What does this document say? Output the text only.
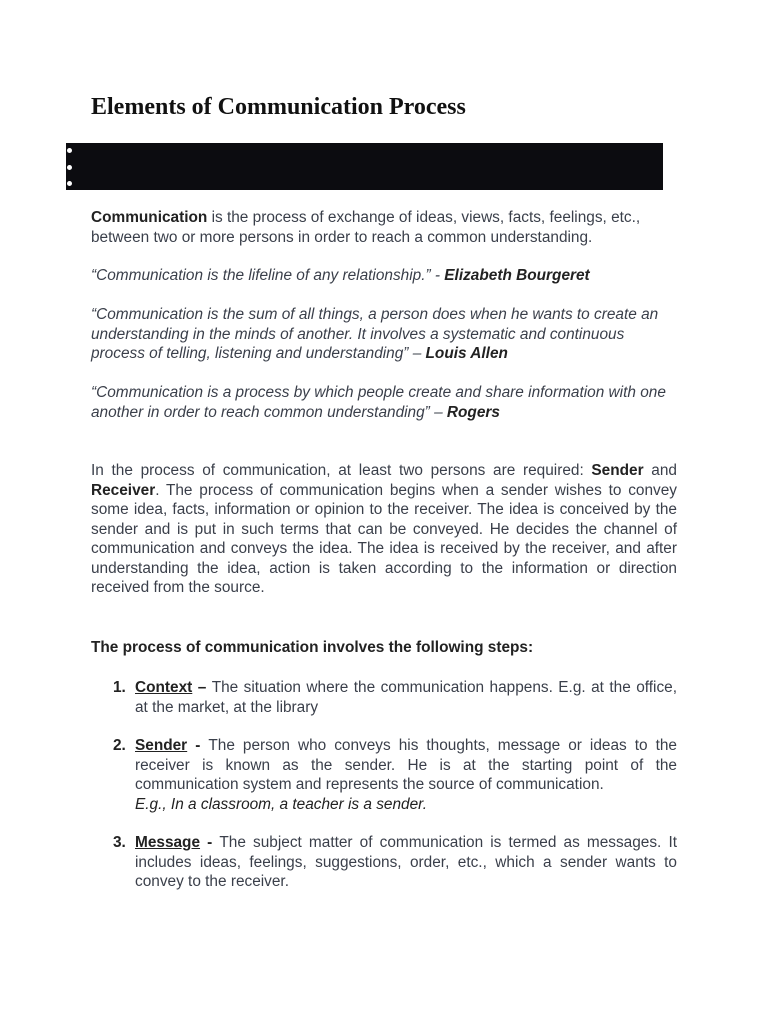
Elements of Communication Process

Communication is the process of exchange of ideas, views, facts, feelings, etc., between two or more persons in order to reach a common understanding.

“Communication is the lifeline of any relationship.” - Elizabeth Bourgeret

“Communication is the sum of all things, a person does when he wants to create an understanding in the minds of another. It involves a systematic and continuous process of telling, listening and understanding” – Louis Allen

“Communication is a process by which people create and share information with one another in order to reach common understanding” – Rogers

In the process of communication, at least two persons are required: Sender and Receiver. The process of communication begins when a sender wishes to convey some idea, facts, information or opinion to the receiver. The idea is conceived by the sender and is put in such terms that can be conveyed. He decides the channel of communication and conveys the idea. The idea is received by the receiver, and after understanding the idea, action is taken according to the information or direction received from the source.

The process of communication involves the following steps:

1. Context – The situation where the communication happens. E.g. at the office, at the market, at the library

2. Sender - The person who conveys his thoughts, message or ideas to the receiver is known as the sender. He is at the starting point of the communication system and represents the source of communication.
E.g., In a classroom, a teacher is a sender.

3. Message - The subject matter of communication is termed as messages. It includes ideas, feelings, suggestions, order, etc., which a sender wants to convey to the receiver.
